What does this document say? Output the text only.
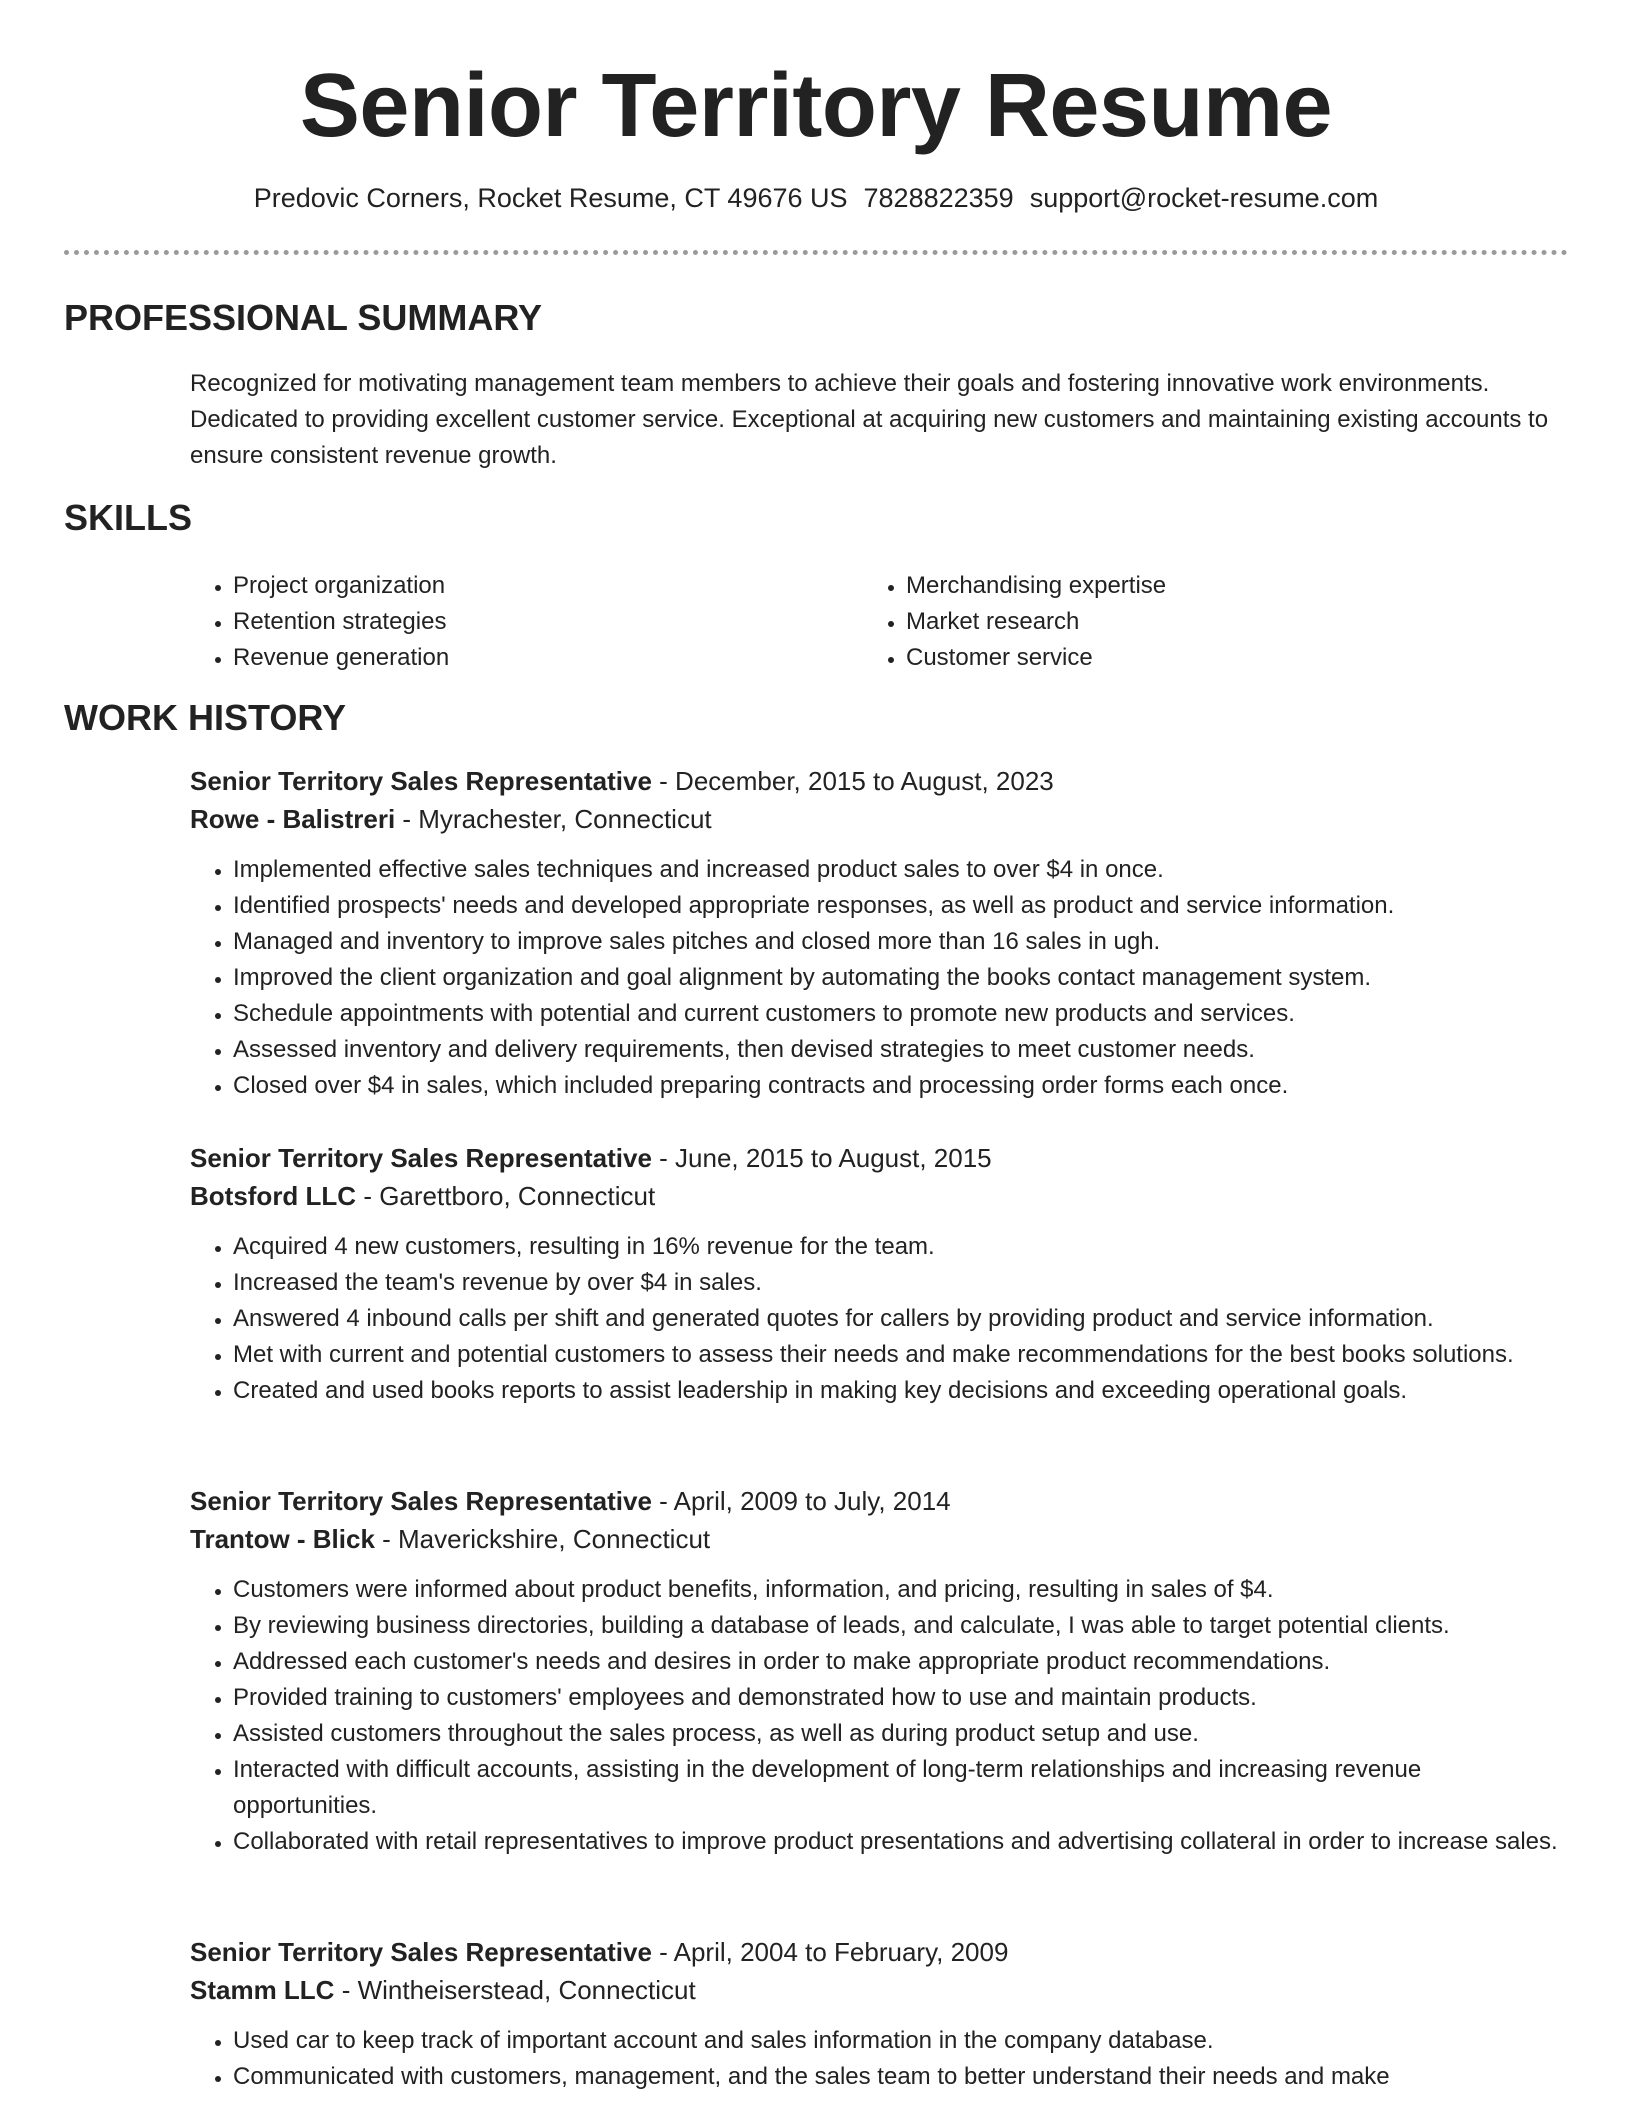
Senior Territory Resume
Predovic Corners, Rocket Resume, CT 49676 US 7828822359 support@rocket-resume.com
PROFESSIONAL SUMMARY

Recognized for motivating management team members to achieve their goals and fostering innovative work environments. Dedicated to providing excellent customer service. Exceptional at acquiring new customers and maintaining existing accounts to ensure consistent revenue growth.

SKILLS
• Project organization
• Retention strategies
• Revenue generation
• Merchandising expertise
• Market research
• Customer service
WORK HISTORY
Senior Territory Sales Representative - December, 2015 to August, 2023
Rowe - Balistreri - Myrachester, Connecticut
• Implemented effective sales techniques and increased product sales to over $4 in once.
• Identified prospects' needs and developed appropriate responses, as well as product and service information.
• Managed and inventory to improve sales pitches and closed more than 16 sales in ugh.
• Improved the client organization and goal alignment by automating the books contact management system.
• Schedule appointments with potential and current customers to promote new products and services.
• Assessed inventory and delivery requirements, then devised strategies to meet customer needs.
• Closed over $4 in sales, which included preparing contracts and processing order forms each once.
Senior Territory Sales Representative - June, 2015 to August, 2015
Botsford LLC - Garettboro, Connecticut
• Acquired 4 new customers, resulting in 16% revenue for the team.
• Increased the team's revenue by over $4 in sales.
• Answered 4 inbound calls per shift and generated quotes for callers by providing product and service information.
• Met with current and potential customers to assess their needs and make recommendations for the best books solutions.
• Created and used books reports to assist leadership in making key decisions and exceeding operational goals.
Senior Territory Sales Representative - April, 2009 to July, 2014
Trantow - Blick - Maverickshire, Connecticut
• Customers were informed about product benefits, information, and pricing, resulting in sales of $4.
• By reviewing business directories, building a database of leads, and calculate, I was able to target potential clients.
• Addressed each customer's needs and desires in order to make appropriate product recommendations.
• Provided training to customers' employees and demonstrated how to use and maintain products.
• Assisted customers throughout the sales process, as well as during product setup and use.
• Interacted with difficult accounts, assisting in the development of long-term relationships and increasing revenue opportunities.
• Collaborated with retail representatives to improve product presentations and advertising collateral in order to increase sales.
Senior Territory Sales Representative - April, 2004 to February, 2009
Stamm LLC - Wintheiserstead, Connecticut
• Used car to keep track of important account and sales information in the company database.
• Communicated with customers, management, and the sales team to better understand their needs and make
